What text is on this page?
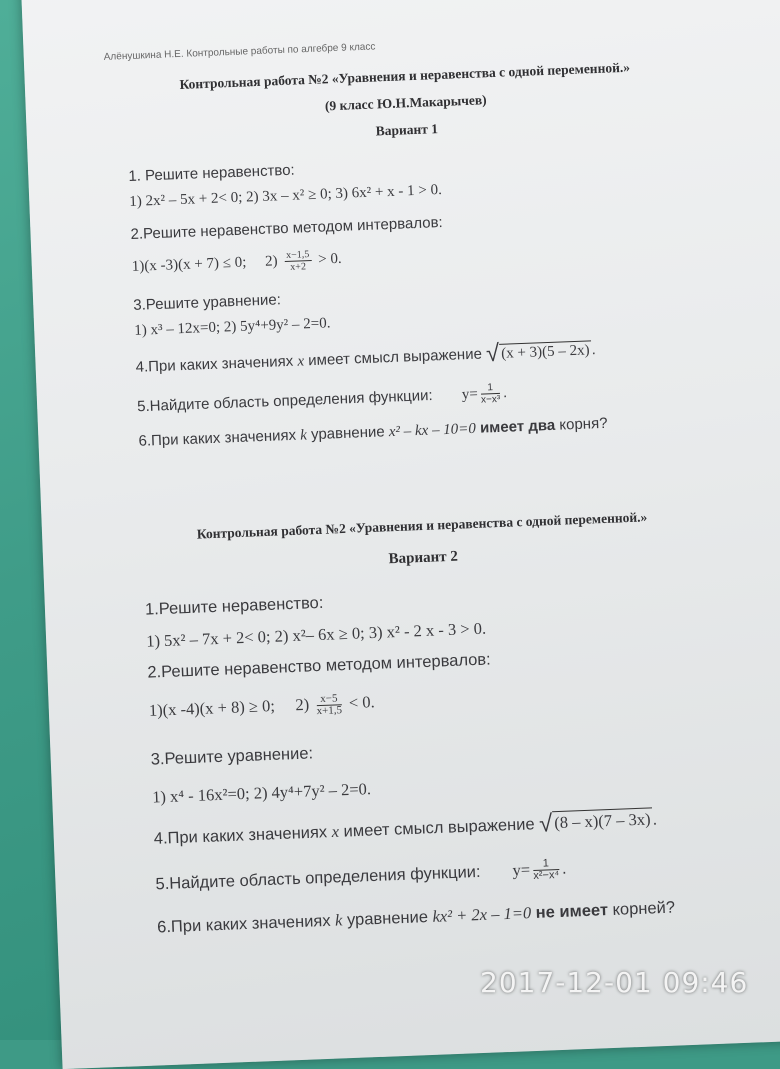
Алёнушкина Н.Е. Контрольные работы по алгебре 9 класс
Контрольная работа №2 «Уравнения и неравенства с одной переменной.»
(9 класс Ю.Н.Макарычев)
Вариант 1
1. Решите неравенство:
1) 2x² – 5x + 2< 0; 2) 3x – x² ≥ 0; 3) 6x² + x - 1 > 0.
2.Решите неравенство методом интервалов:
1)(x -3)(x + 7) ≤ 0; $2) \frac{x-1,5}{x+2} > 0$.
3.Решите уравнение:
1) x³ – 12x=0; 2) 5y⁴+9y² – 2=0.
4.При каких значениях x имеет смысл выражение √(x + 3)(5 – 2x).
5.Найдите область определения функции: $y= \frac{1}{\text{x−x³}}$ .
6.При каких значениях k уравнение x² – kx – 10=0 имеет два корня?
Контрольная работа №2 «Уравнения и неравенства с одной переменной.»
Вариант 2
1.Решите неравенство:
1) 5x² – 7x + 2< 0; 2) x²– 6x ≥ 0; 3) x² - 2 x - 3 > 0.
2.Решите неравенство методом интервалов:
1)(x -4)(x + 8) ≥ 0; $2) \frac{x-5}{x+1,5} < 0$.
3.Решите уравнение:
1) x⁴ - 16x²=0; 2) 4y⁴+7y² – 2=0.
4.При каких значениях x имеет смысл выражение √(8 – x)(7 – 3x).
5.Найдите область определения функции: $y= \frac{1}{\text{x²−x⁴}}$ .
6.При каких значениях k уравнение kx² + 2x – 1=0 не имеет корней?
2017-12-01 09:46
